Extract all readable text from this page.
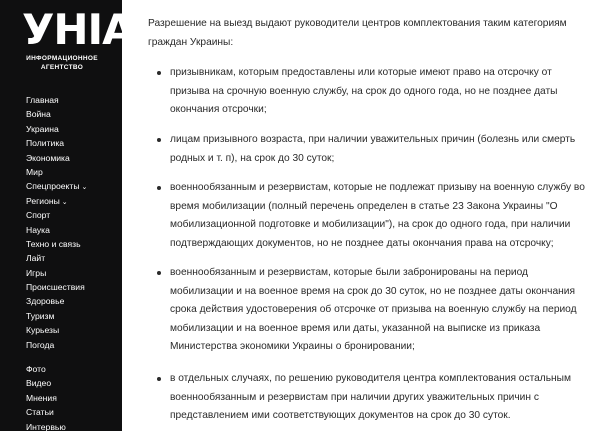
УНІАН
ИНФОРМАЦИОННОЕ
АГЕНТСТВО
Главная
Война
Украина
Политика
Экономика
Мир
Спецпроекты ⌄
Регионы ⌄
Спорт
Наука
Техно и связь
Лайт
Игры
Происшествия
Здоровье
Туризм
Курьезы
Погода
Фото
Видео
Мнения
Статьи
Интервью

Разрешение на выезд выдают руководители центров комплектования таким категориям
граждан Украины:

призывникам, которым предоставлены или которые имеют право на отсрочку от
призыва на срочную военную службу, на срок до одного года, но не позднее даты
окончания отсрочки;

лицам призывного возраста, при наличии уважительных причин (болезнь или смерть
родных и т. п), на срок до 30 суток;

военнообязанным и резервистам, которые не подлежат призыву на военную службу во
время мобилизации (полный перечень определен в статье 23 Закона Украины "О
мобилизационной подготовке и мобилизации"), на срок до одного года, при наличии
подтверждающих документов, но не позднее даты окончания права на отсрочку;

военнообязанным и резервистам, которые были забронированы на период
мобилизации и на военное время на срок до 30 суток, но не позднее даты окончания
срока действия удостоверения об отсрочке от призыва на военную службу на период
мобилизации и на военное время или даты, указанной на выписке из приказа
Министерства экономики Украины о бронировании;

в отдельных случаях, по решению руководителя центра комплектования остальным
военнообязанным и резервистам при наличии других уважительных причин с
представлением ими соответствующих документов на срок до 30 суток.
